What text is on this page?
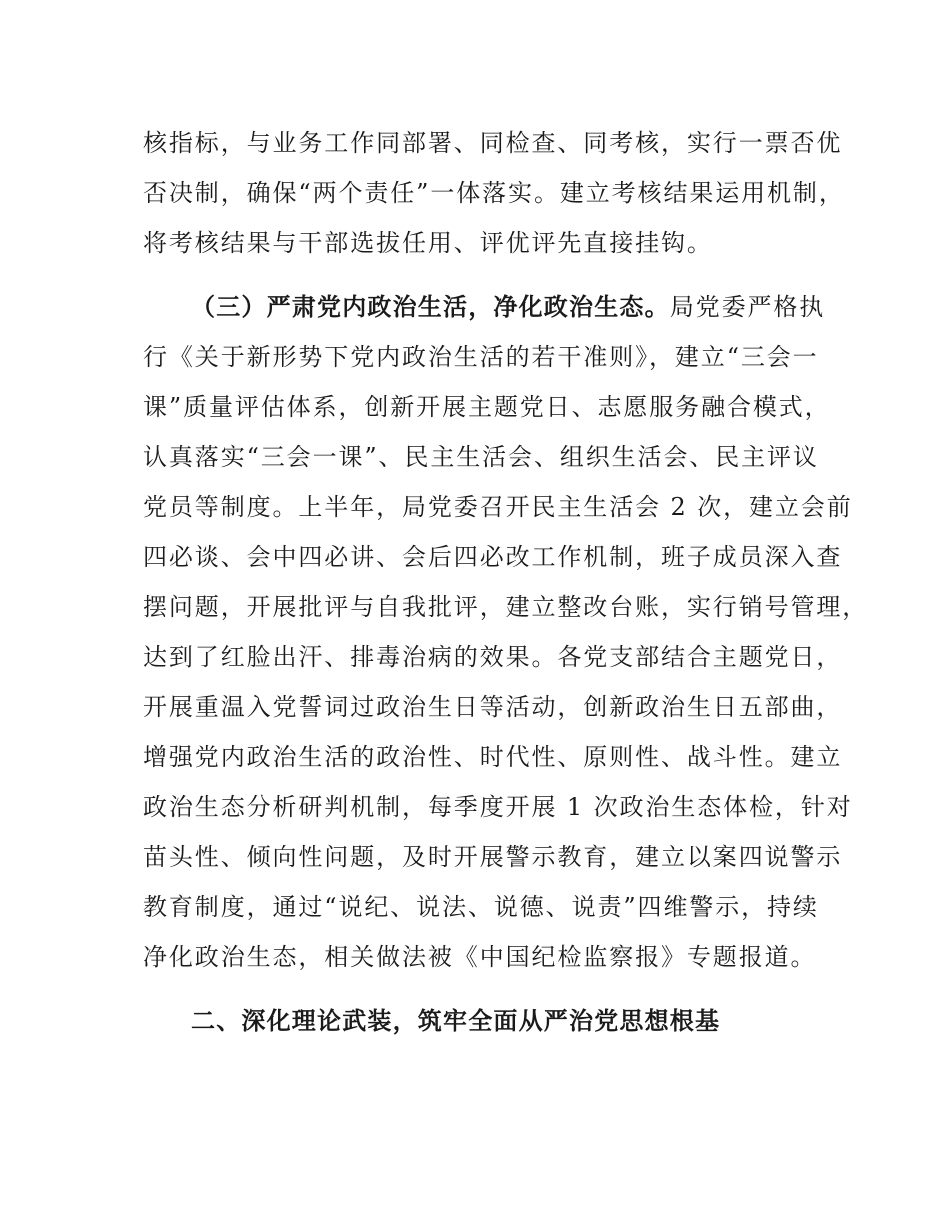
核指标，与业务工作同部署、同检查、同考核，实行一票否优
否决制，确保“两个责任”一体落实。建立考核结果运用机制，
将考核结果与干部选拔任用、评优评先直接挂钩。
（三）严肃党内政治生活，净化政治生态。局党委严格执
行《关于新形势下党内政治生活的若干准则》，建立“三会一
课”质量评估体系，创新开展主题党日、志愿服务融合模式，
认真落实“三会一课”、民主生活会、组织生活会、民主评议
党员等制度。上半年，局党委召开民主生活会 2 次，建立会前
四必谈、会中四必讲、会后四必改工作机制，班子成员深入查
摆问题，开展批评与自我批评，建立整改台账，实行销号管理，
达到了红脸出汗、排毒治病的效果。各党支部结合主题党日，
开展重温入党誓词过政治生日等活动，创新政治生日五部曲，
增强党内政治生活的政治性、时代性、原则性、战斗性。建立
政治生态分析研判机制，每季度开展 1 次政治生态体检，针对
苗头性、倾向性问题，及时开展警示教育，建立以案四说警示
教育制度，通过“说纪、说法、说德、说责”四维警示，持续
净化政治生态，相关做法被《中国纪检监察报》专题报道。
二、深化理论武装，筑牢全面从严治党思想根基
